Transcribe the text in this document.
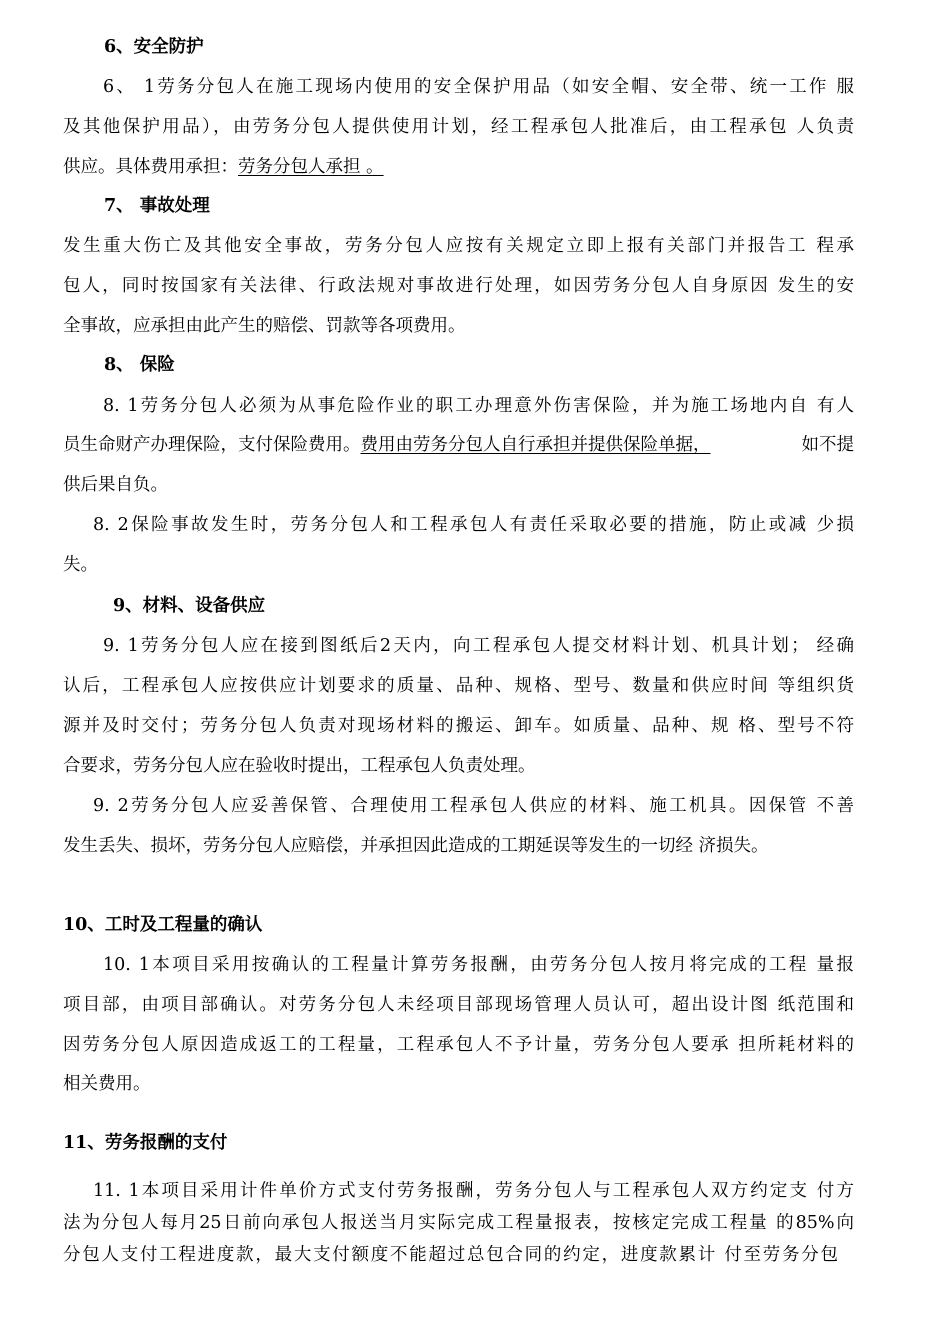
6、安全防护
6、 1劳务分包人在施工现场内使用的安全保护用品（如安全帽、安全带、统一工作 服
及其他保护用品），由劳务分包人提供使用计划，经工程承包人批准后，由工程承包 人负责
供应。具体费用承担：劳务分包人承担 。
7、 事故处理
发生重大伤亡及其他安全事故，劳务分包人应按有关规定立即上报有关部门并报告工 程承
包人，同时按国家有关法律、行政法规对事故进行处理，如因劳务分包人自身原因 发生的安
全事故，应承担由此产生的赔偿、罚款等各项费用。
8、 保险
8. 1劳务分包人必须为从事危险作业的职工办理意外伤害保险，并为施工场地内自 有人
员生命财产办理保险，支付保险费用。费用由劳务分包人自行承担并提供保险单据，	如不提
供后果自负。
8. 2保险事故发生时，劳务分包人和工程承包人有责任采取必要的措施，防止或减 少损
失。
9、材料、设备供应
9. 1劳务分包人应在接到图纸后2天内，向工程承包人提交材料计划、机具计划； 经确
认后，工程承包人应按供应计划要求的质量、品种、规格、型号、数量和供应时间 等组织货
源并及时交付；劳务分包人负责对现场材料的搬运、卸车。如质量、品种、规 格、型号不符
合要求，劳务分包人应在验收时提出，工程承包人负责处理。
9. 2劳务分包人应妥善保管、合理使用工程承包人供应的材料、施工机具。因保管 不善
发生丢失、损坏，劳务分包人应赔偿，并承担因此造成的工期延误等发生的一切经 济损失。
10、工时及工程量的确认
10. 1本项目采用按确认的工程量计算劳务报酬，由劳务分包人按月将完成的工程 量报
项目部，由项目部确认。对劳务分包人未经项目部现场管理人员认可，超出设计图 纸范围和
因劳务分包人原因造成返工的工程量，工程承包人不予计量，劳务分包人要承 担所耗材料的
相关费用。
11、劳务报酬的支付
11. 1本项目采用计件单价方式支付劳务报酬，劳务分包人与工程承包人双方约定支 付方
法为分包人每月25日前向承包人报送当月实际完成工程量报表，按核定完成工程量 的85%向
分包人支付工程进度款，最大支付额度不能超过总包合同的约定，进度款累计 付至劳务分包
